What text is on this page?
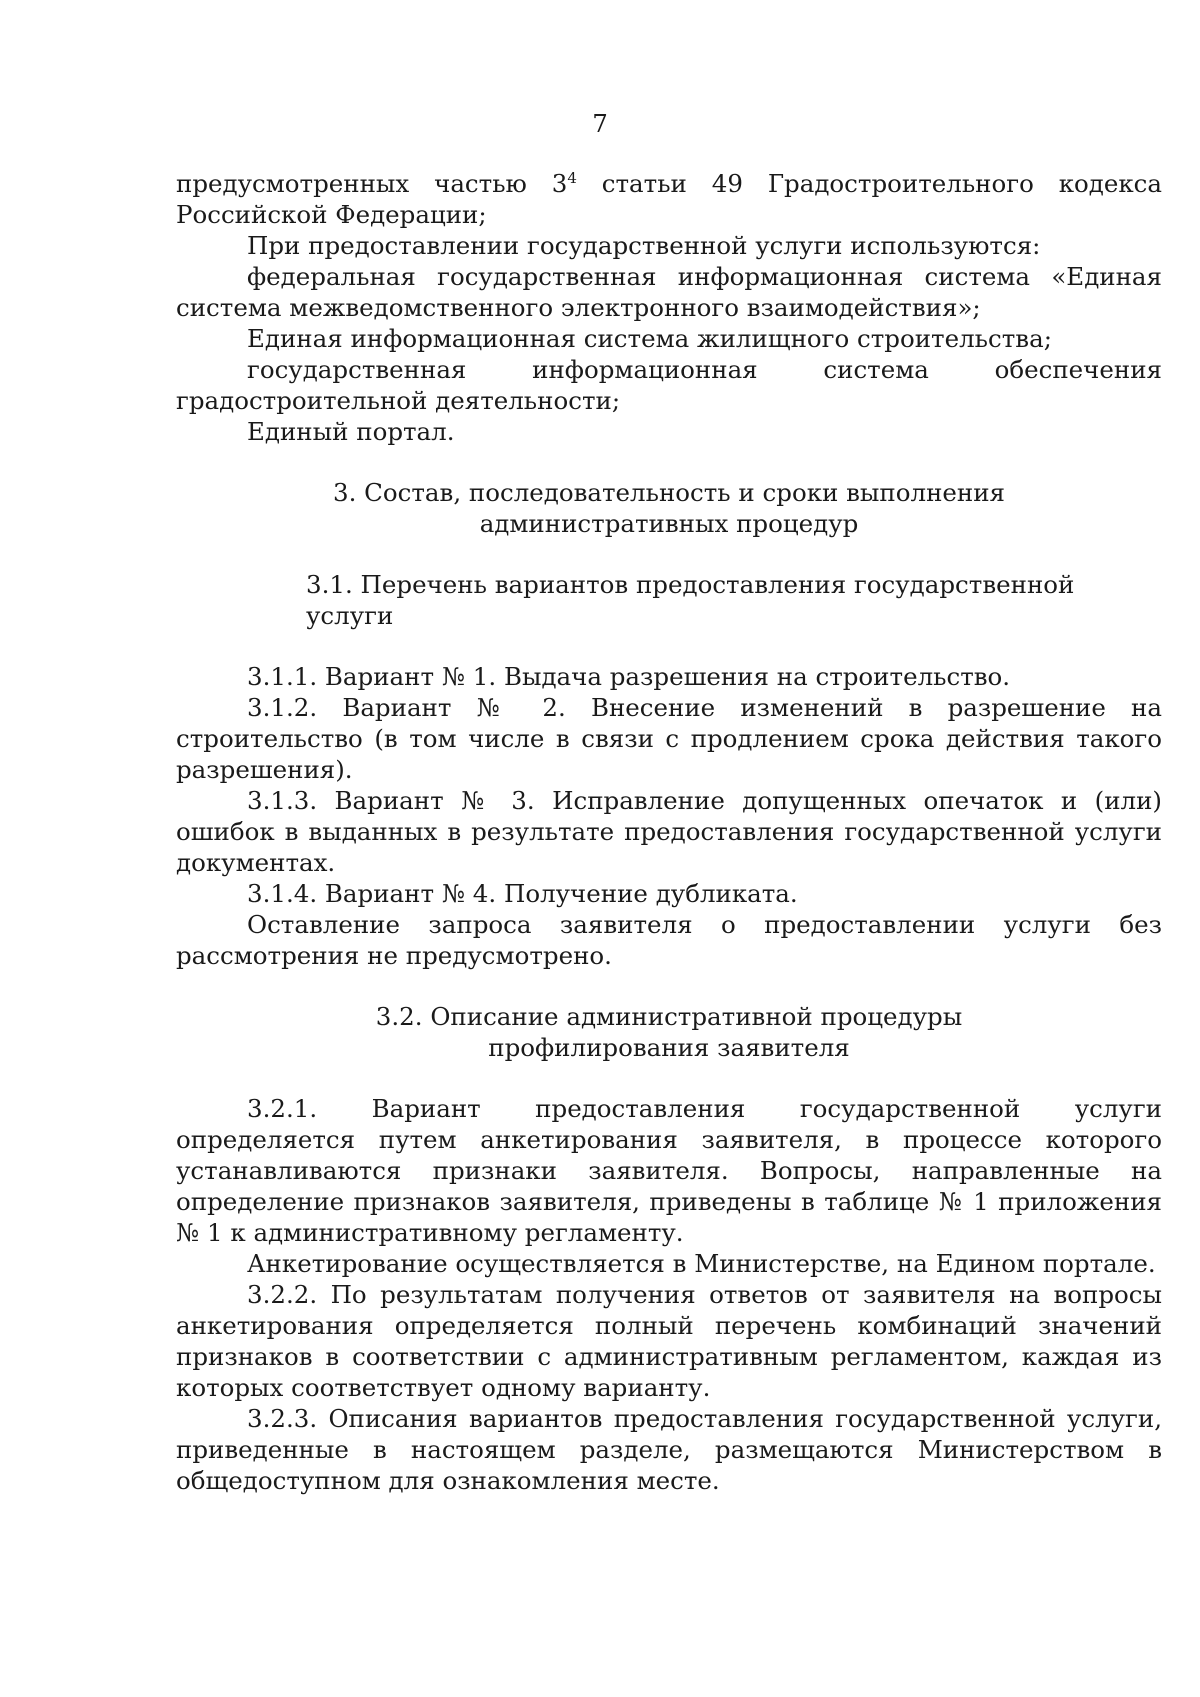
7

предусмотренных частью $3^4$ статьи 49 Градостроительного кодекса Российской Федерации;

При предоставлении государственной услуги используются:

федеральная государственная информационная система «Единая система межведомственного электронного взаимодействия»;

Единая информационная система жилищного строительства;

государственная информационная система обеспечения градостроительной деятельности;

Единый портал.

3. Состав, последовательность и сроки выполнения

административных процедур

3.1. Перечень вариантов предоставления государственной услуги

3.1.1. Вариант № 1. Выдача разрешения на строительство.

3.1.2. Вариант № 2. Внесение изменений в разрешение на строительство (в том числе в связи с продлением срока действия такого разрешения).

3.1.3. Вариант № 3. Исправление допущенных опечаток и (или) ошибок в выданных в результате предоставления государственной услуги документах.

3.1.4. Вариант № 4. Получение дубликата.

Оставление запроса заявителя о предоставлении услуги без рассмотрения не предусмотрено.

3.2. Описание административной процедуры

профилирования заявителя

3.2.1. Вариант предоставления государственной услуги определяется путем анкетирования заявителя, в процессе которого устанавливаются признаки заявителя. Вопросы, направленные на определение признаков заявителя, приведены в таблице № 1 приложения № 1 к административному регламенту.

Анкетирование осуществляется в Министерстве, на Едином портале.

3.2.2. По результатам получения ответов от заявителя на вопросы анкетирования определяется полный перечень комбинаций значений признаков в соответствии с административным регламентом, каждая из которых соответствует одному варианту.

3.2.3. Описания вариантов предоставления государственной услуги, приведенные в настоящем разделе, размещаются Министерством в общедоступном для ознакомления месте.
